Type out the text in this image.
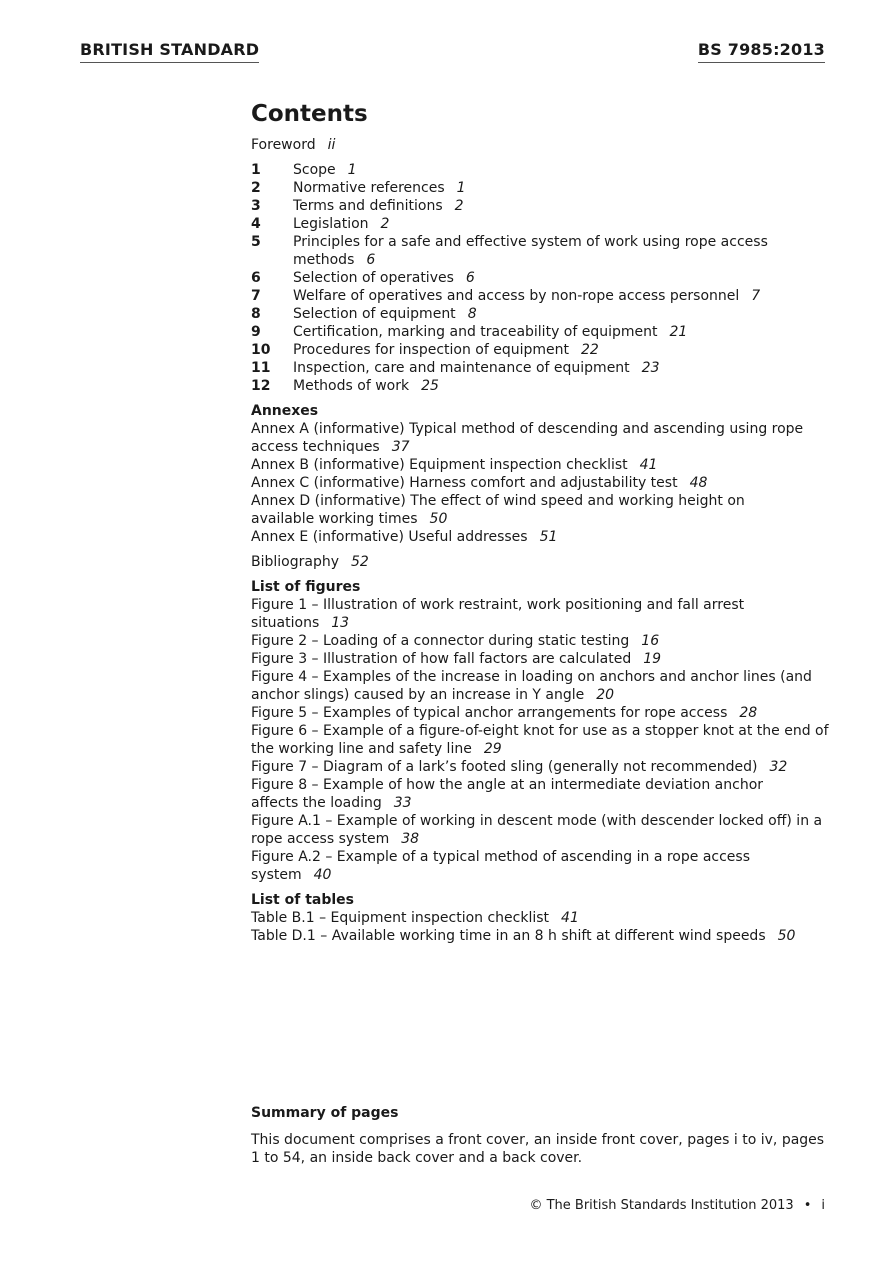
BRITISH STANDARD	BS 7985:2013
Contents
Foreword ii
1	Scope 1
2	Normative references 1
3	Terms and definitions 2
4	Legislation 2
5	Principles for a safe and effective system of work using rope access methods 6
6	Selection of operatives 6
7	Welfare of operatives and access by non-rope access personnel 7
8	Selection of equipment 8
9	Certification, marking and traceability of equipment 21
10	Procedures for inspection of equipment 22
11	Inspection, care and maintenance of equipment 23
12	Methods of work 25
Annexes
Annex A (informative) Typical method of descending and ascending using rope access techniques 37
Annex B (informative) Equipment inspection checklist 41
Annex C (informative) Harness comfort and adjustability test 48
Annex D (informative) The effect of wind speed and working height on available working times 50
Annex E (informative) Useful addresses 51
Bibliography 52
List of figures
Figure 1 – Illustration of work restraint, work positioning and fall arrest situations 13
Figure 2 – Loading of a connector during static testing 16
Figure 3 – Illustration of how fall factors are calculated 19
Figure 4 – Examples of the increase in loading on anchors and anchor lines (and anchor slings) caused by an increase in Y angle 20
Figure 5 – Examples of typical anchor arrangements for rope access 28
Figure 6 – Example of a figure-of-eight knot for use as a stopper knot at the end of the working line and safety line 29
Figure 7 – Diagram of a lark’s footed sling (generally not recommended) 32
Figure 8 – Example of how the angle at an intermediate deviation anchor affects the loading 33
Figure A.1 – Example of working in descent mode (with descender locked off) in a rope access system 38
Figure A.2 – Example of a typical method of ascending in a rope access system 40
List of tables
Table B.1 – Equipment inspection checklist 41
Table D.1 – Available working time in an 8 h shift at different wind speeds 50
Summary of pages

This document comprises a front cover, an inside front cover, pages i to iv, pages 1 to 54, an inside back cover and a back cover.

© The British Standards Institution 2013 • i
